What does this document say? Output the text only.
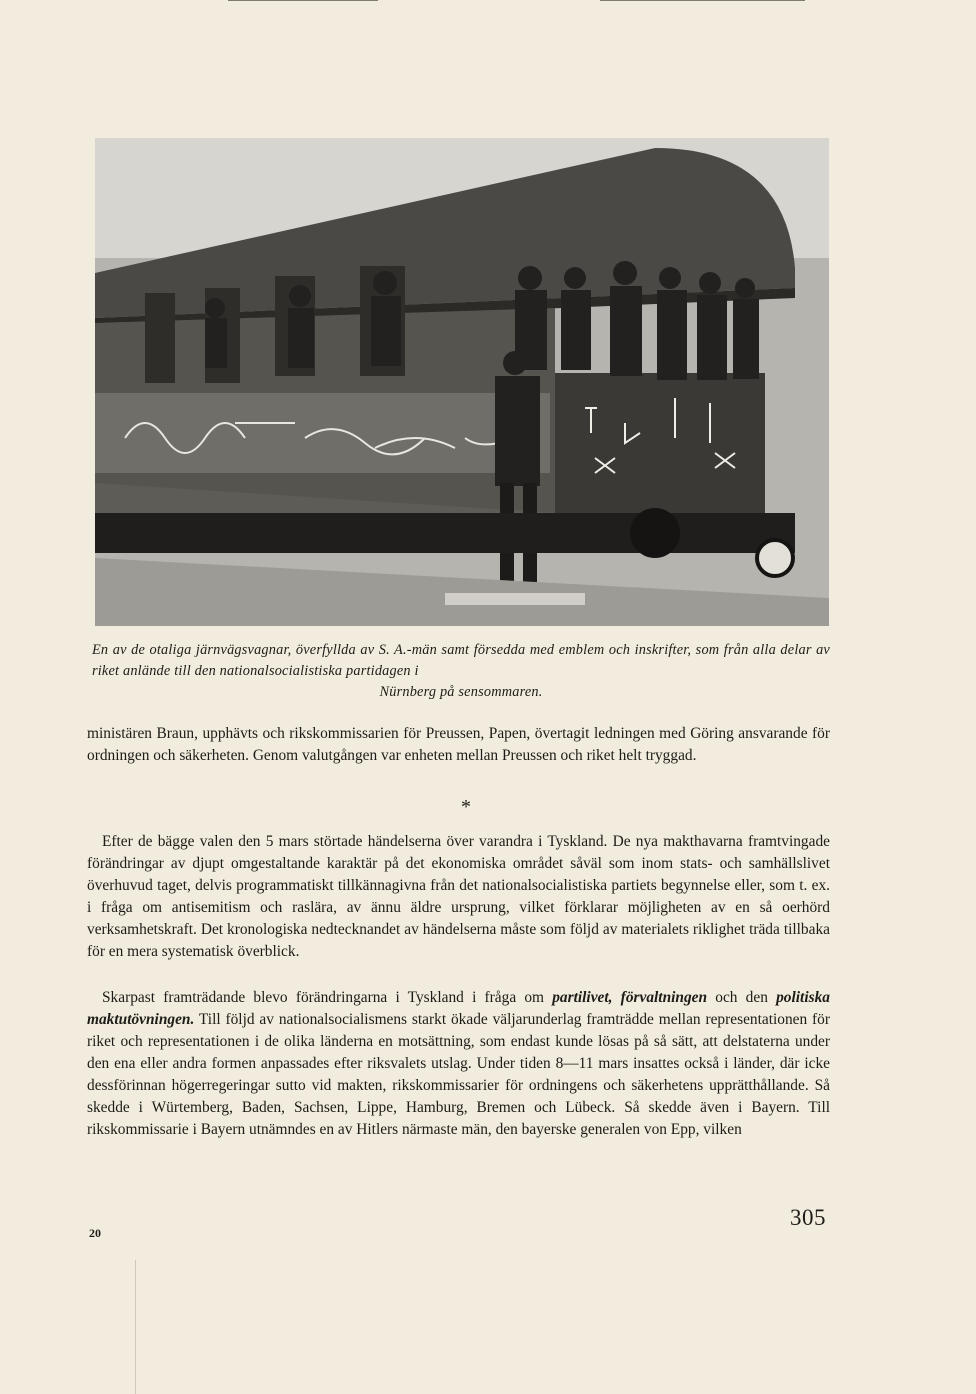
En av de otaliga järnvägsvagnar, överfyllda av S. A.-män samt försedda med emblem och inskrifter, som från alla delar av riket anlände till den nationalsocialistiska partidagen i
Nürnberg på sensommaren.
ministären Braun, upphävts och rikskommissarien för Preussen, Papen, övertagit ledningen med Göring ansvarande för ordningen och säkerheten. Genom valutgången var enheten mellan Preussen och riket helt tryggad.
*
Efter de bägge valen den 5 mars störtade händelserna över varandra i Tyskland. De nya makthavarna framtvingade förändringar av djupt omgestaltande karaktär på det ekonomiska området såväl som inom stats- och samhällslivet överhuvud taget, delvis programmatiskt tillkännagivna från det nationalsocialistiska partiets begynnelse eller, som t. ex. i fråga om antisemitism och raslära, av ännu äldre ursprung, vilket förklarar möjligheten av en så oerhörd verksamhetskraft. Det kronologiska nedtecknandet av händelserna måste som följd av materialets riklighet träda tillbaka för en mera systematisk överblick.
Skarpast framträdande blevo förändringarna i Tyskland i fråga om partilivet, förvaltningen och den politiska maktutövningen. Till följd av nationalsocialismens starkt ökade väljarunderlag framträdde mellan representationen för riket och representationen i de olika länderna en motsättning, som endast kunde lösas på så sätt, att delstaterna under den ena eller andra formen anpassades efter riksvalets utslag. Under tiden 8—11 mars insattes också i länder, där icke dessförinnan högerregeringar sutto vid makten, rikskommissarier för ordningens och säkerhetens upprätthållande. Så skedde i Würtemberg, Baden, Sachsen, Lippe, Hamburg, Bremen och Lübeck. Så skedde även i Bayern. Till rikskommissarie i Bayern utnämndes en av Hitlers närmaste män, den bayerske generalen von Epp, vilken
20
305
